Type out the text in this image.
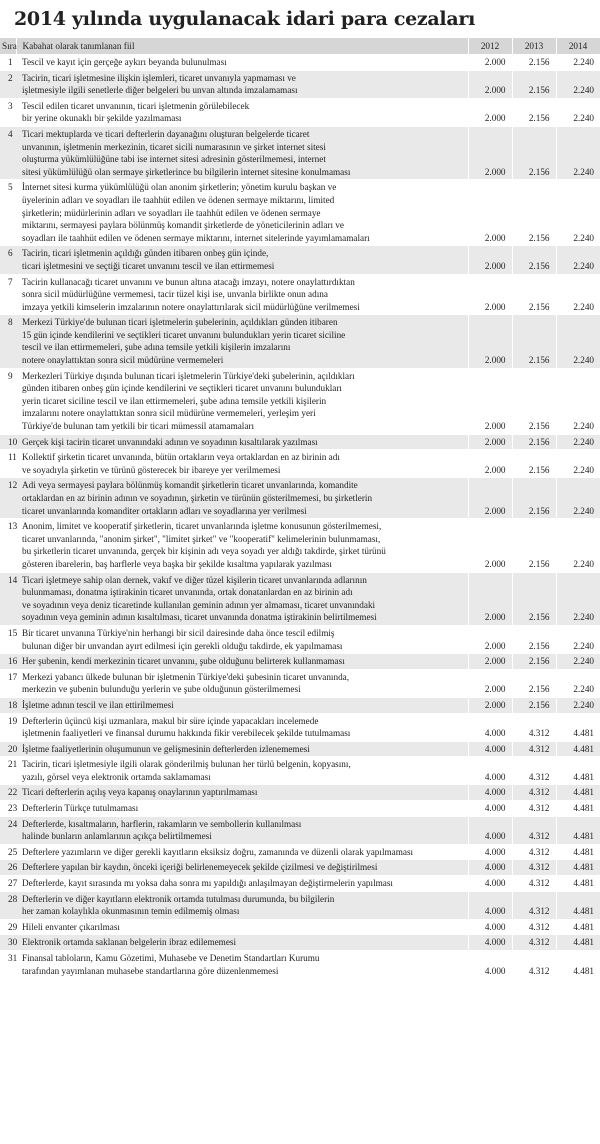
2014 yılında uygulanacak idari para cezaları
Sıra	Kabahat olarak tanımlanan fiil	2012	2013	2014
1	Tescil ve kayıt için gerçeğe aykırı beyanda bulunulması	2.000	2.156	2.240
2	Tacirin, ticari işletmesine ilişkin işlemleri, ticaret unvanıyla yapmaması ve
işletmesiyle ilgili senetlerle diğer belgeleri bu unvan altında imzalamaması	2.000	2.156	2.240
3	Tescil edilen ticaret unvanının, ticari işletmenin görülebilecek
bir yerine okunaklı bir şekilde yazılmaması	2.000	2.156	2.240
4	Ticari mektuplarda ve ticari defterlerin dayanağını oluşturan belgelerde ticaret
unvanının, işletmenin merkezinin, ticaret sicili numarasının ve şirket internet sitesi
oluşturma yükümlülüğüne tabi ise internet sitesi adresinin gösterilmemesi, internet
sitesi yükümlülüğü olan sermaye şirketlerince bu bilgilerin internet sitesine konulmaması	2.000	2.156	2.240
5	İnternet sitesi kurma yükümlülüğü olan anonim şirketlerin; yönetim kurulu başkan ve
üyelerinin adları ve soyadları ile taahhüt edilen ve ödenen sermaye miktarını, limited
şirketlerin; müdürlerinin adları ve soyadları ile taahhüt edilen ve ödenen sermaye
miktarını, sermayesi paylara bölünmüş komandit şirketlerde de yöneticilerinin adları ve
soyadları ile taahhüt edilen ve ödenen sermaye miktarını, internet sitelerinde yayımlamamaları	2.000	2.156	2.240
6	Tacirin, ticari işletmenin açıldığı günden itibaren onbeş gün içinde,
ticari işletmesini ve seçtiği ticaret unvanını tescil ve ilan ettirmemesi	2.000	2.156	2.240
7	Tacirin kullanacağı ticaret unvanını ve bunun altına atacağı imzayı, notere onaylattırdıktan
sonra sicil müdürlüğüne vermemesi, tacir tüzel kişi ise, unvanla birlikte onun adına
imzaya yetkili kimselerin imzalarının notere onaylattırılarak sicil müdürlüğüne verilmemesi	2.000	2.156	2.240
8	Merkezi Türkiye'de bulunan ticari işletmelerin şubelerinin, açıldıkları günden itibaren
15 gün içinde kendilerini ve seçtikleri ticaret unvanını bulundukları yerin ticaret siciline
tescil ve ilan ettirmemeleri, şube adına temsile yetkili kişilerin imzalarını
notere onaylattıktan sonra sicil müdürüne vermemeleri	2.000	2.156	2.240
9	Merkezleri Türkiye dışında bulunan ticari işletmelerin Türkiye'deki şubelerinin, açıldıkları
günden itibaren onbeş gün içinde kendilerini ve seçtikleri ticaret unvanını bulundukları
yerin ticaret siciline tescil ve ilan ettirmemeleri, şube adına temsile yetkili kişilerin
imzalarını notere onaylattıktan sonra sicil müdürüne vermemeleri, yerleşim yeri
Türkiye'de bulunan tam yetkili bir ticari mümessil atamamaları	2.000	2.156	2.240
10	Gerçek kişi tacirin ticaret unvanındaki adının ve soyadının kısaltılarak yazılması	2.000	2.156	2.240
11	Kollektif şirketin ticaret unvanında, bütün ortakların veya ortaklardan en az birinin adı
ve soyadıyla şirketin ve türünü gösterecek bir ibareye yer verilmemesi	2.000	2.156	2.240
12	Adi veya sermayesi paylara bölünmüş komandit şirketlerin ticaret unvanlarında, komandite
ortaklardan en az birinin adının ve soyadının, şirketin ve türünün gösterilmemesi, bu şirketlerin
ticaret unvanlarında komanditer ortakların adları ve soyadlarına yer verilmesi	2.000	2.156	2.240
13	Anonim, limitet ve kooperatif şirketlerin, ticaret unvanlarında işletme konusunun gösterilmemesi,
ticaret unvanlarında, "anonim şirket", "limitet şirket" ve "kooperatif" kelimelerinin bulunmaması,
bu şirketlerin ticaret unvanında, gerçek bir kişinin adı veya soyadı yer aldığı takdirde, şirket türünü
gösteren ibarelerin, baş harflerle veya başka bir şekilde kısaltma yapılarak yazılması	2.000	2.156	2.240
14	Ticari işletmeye sahip olan dernek, vakıf ve diğer tüzel kişilerin ticaret unvanlarında adlarının
bulunmaması, donatma iştirakinin ticaret unvanında, ortak donatanlardan en az birinin adı
ve soyadının veya deniz ticaretinde kullanılan geminin adının yer almaması, ticaret unvanındaki
soyadının veya geminin adının kısaltılması, ticaret unvanında donatma iştirakinin belirtilmemesi	2.000	2.156	2.240
15	Bir ticaret unvanına Türkiye'nin herhangi bir sicil dairesinde daha önce tescil edilmiş
bulunan diğer bir unvandan ayırt edilmesi için gerekli olduğu takdirde, ek yapılmaması	2.000	2.156	2.240
16	Her şubenin, kendi merkezinin ticaret unvanını, şube olduğunu belirterek kullanmaması	2.000	2.156	2.240
17	Merkezi yabancı ülkede bulunan bir işletmenin Türkiye'deki şubesinin ticaret unvanında,
merkezin ve şubenin bulunduğu yerlerin ve şube olduğunun gösterilmemesi	2.000	2.156	2.240
18	İşletme adının tescil ve ilan ettirilmemesi	2.000	2.156	2.240
19	Defterlerin üçüncü kişi uzmanlara, makul bir süre içinde yapacakları incelemede
işletmenin faaliyetleri ve finansal durumu hakkında fikir verebilecek şekilde tutulmaması	4.000	4.312	4.481
20	İşletme faaliyetlerinin oluşumunun ve gelişmesinin defterlerden izlenememesi	4.000	4.312	4.481
21	Tacirin, ticari işletmesiyle ilgili olarak gönderilmiş bulunan her türlü belgenin, kopyasını,
yazılı, görsel veya elektronik ortamda saklamaması	4.000	4.312	4.481
22	Ticari defterlerin açılış veya kapanış onaylarının yaptırılmaması	4.000	4.312	4.481
23	Defterlerin Türkçe tutulmaması	4.000	4.312	4.481
24	Defterlerde, kısaltmaların, harflerin, rakamların ve sembollerin kullanılması
halinde bunların anlamlarının açıkça belirtilmemesi	4.000	4.312	4.481
25	Defterlere yazımların ve diğer gerekli kayıtların eksiksiz doğru, zamanında ve düzenli olarak yapılmaması	4.000	4.312	4.481
26	Defterlere yapılan bir kaydın, önceki içeriği belirlenemeyecek şekilde çizilmesi ve değiştirilmesi	4.000	4.312	4.481
27	Defterlerde, kayıt sırasında mı yoksa daha sonra mı yapıldığı anlaşılmayan değiştirmelerin yapılması	4.000	4.312	4.481
28	Defterlerin ve diğer kayıtların elektronik ortamda tutulması durumunda, bu bilgilerin
her zaman kolaylıkla okunmasının temin edilmemiş olması	4.000	4.312	4.481
29	Hileli envanter çıkarılması	4.000	4.312	4.481
30	Elektronik ortamda saklanan belgelerin ibraz edilememesi	4.000	4.312	4.481
31	Finansal tabloların, Kamu Gözetimi, Muhasebe ve Denetim Standartları Kurumu
tarafından yayımlanan muhasebe standartlarına göre düzenlenmemesi	4.000	4.312	4.481
